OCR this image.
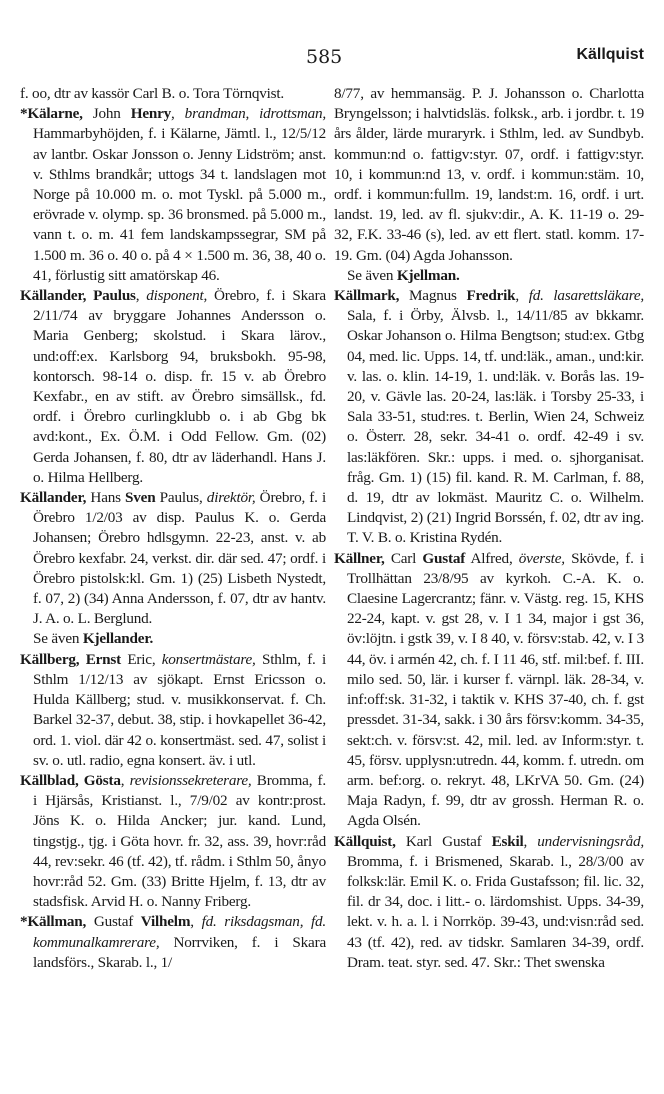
585	Källquist

f. oo, dtr av kassör Carl B. o. Tora Törnqvist.

*Kälarne, John Henry, brandman, idrottsman, Hammarbyhöjden, f. i Kälarne, Jämtl. l., 12/5/12 av lantbr. Oskar Jonsson o. Jenny Lidström; anst. v. Sthlms brandkår; uttogs 34 t. landslagen mot Norge på 10.000 m. o. mot Tyskl. på 5.000 m., erövrade v. olymp. sp. 36 bronsmed. på 5.000 m., vann t. o. m. 41 fem landskampssegrar, SM på 1.500 m. 36 o. 40 o. på 4 × 1.500 m. 36, 38, 40 o. 41, förlustig sitt amatörskap 46.

Källander, Paulus, disponent, Örebro, f. i Skara 2/11/74 av bryggare Johannes Andersson o. Maria Genberg; skolstud. i Skara lärov., und:off:ex. Karlsborg 94, bruksbokh. 95-98, kontorsch. 98-14 o. disp. fr. 15 v. ab Örebro Kexfabr., en av stift. av Örebro simsällsk., fd. ordf. i Örebro curlingklubb o. i ab Gbg bk avd:kont., Ex. Ö.M. i Odd Fellow. Gm. (02) Gerda Johansen, f. 80, dtr av läderhandl. Hans J. o. Hilma Hellberg.

Källander, Hans Sven Paulus, direktör, Örebro, f. i Örebro 1/2/03 av disp. Paulus K. o. Gerda Johansen; Örebro hdlsgymn. 22-23, anst. v. ab Örebro kexfabr. 24, verkst. dir. där sed. 47; ordf. i Örebro pistolsk:kl. Gm. 1) (25) Lisbeth Nystedt, f. 07, 2) (34) Anna Andersson, f. 07, dtr av hantv. J. A. o. L. Berglund.

Se även Kjellander.

Källberg, Ernst Eric, konsertmästare, Sthlm, f. i Sthlm 1/12/13 av sjökapt. Ernst Ericsson o. Hulda Källberg; stud. v. musikkonservat. f. Ch. Barkel 32-37, debut. 38, stip. i hovkapellet 36-42, ord. 1. viol. där 42 o. konsertmäst. sed. 47, solist i sv. o. utl. radio, egna konsert. äv. i utl.

Källblad, Gösta, revisionssekreterare, Bromma, f. i Hjärsås, Kristianst. l., 7/9/02 av kontr:prost. Jöns K. o. Hilda Ancker; jur. kand. Lund, tingstjg., tjg. i Göta hovr. fr. 32, ass. 39, hovr:råd 44, rev:sekr. 46 (tf. 42), tf. rådm. i Sthlm 50, ånyo hovr:råd 52. Gm. (33) Britte Hjelm, f. 13, dtr av stadsfisk. Arvid H. o. Nanny Friberg.

*Källman, Gustaf Vilhelm, fd. riksdagsman, fd. kommunalkamrerare, Norrviken, f. i Skara landsförs., Skarab. l., 1/

8/77, av hemmansäg. P. J. Johansson o. Charlotta Bryngelsson; i halvtidsläs. folksk., arb. i jordbr. t. 19 års ålder, lärde muraryrk. i Sthlm, led. av Sundbyb. kommun:nd o. fattigv:styr. 07, ordf. i fattigv:styr. 10, i kommun:nd 13, v. ordf. i kommun:stäm. 10, ordf. i kommun:fullm. 19, landst:m. 16, ordf. i urt. landst. 19, led. av fl. sjukv:dir., A. K. 11-19 o. 29-32, F.K. 33-46 (s), led. av ett flert. statl. komm. 17-19. Gm. (04) Agda Johansson.

Se även Kjellman.

Källmark, Magnus Fredrik, fd. lasarettsläkare, Sala, f. i Örby, Älvsb. l., 14/11/85 av bkkamr. Oskar Johanson o. Hilma Bengtson; stud:ex. Gtbg 04, med. lic. Upps. 14, tf. und:läk., aman., und:kir. v. las. o. klin. 14-19, 1. und:läk. v. Borås las. 19-20, v. Gävle las. 20-24, las:läk. i Torsby 25-33, i Sala 33-51, stud:res. t. Berlin, Wien 24, Schweiz o. Österr. 28, sekr. 34-41 o. ordf. 42-49 i sv. las:läkfören. Skr.: upps. i med. o. sjhorganisat. fråg. Gm. 1) (15) fil. kand. R. M. Carlman, f. 88, d. 19, dtr av lokmäst. Mauritz C. o. Wilhelm. Lindqvist, 2) (21) Ingrid Borssén, f. 02, dtr av ing. T. V. B. o. Kristina Rydén.

Källner, Carl Gustaf Alfred, överste, Skövde, f. i Trollhättan 23/8/95 av kyrkoh. C.-A. K. o. Claesine Lagercrantz; fänr. v. Västg. reg. 15, KHS 22-24, kapt. v. gst 28, v. I 1 34, major i gst 36, öv:löjtn. i gstk 39, v. I 8 40, v. försv:stab. 42, v. I 3 44, öv. i armén 42, ch. f. I 11 46, stf. mil:bef. f. III. milo sed. 50, lär. i kurser f. värnpl. läk. 28-34, v. inf:off:sk. 31-32, i taktik v. KHS 37-40, ch. f. gst pressdet. 31-34, sakk. i 30 års försv:komm. 34-35, sekt:ch. v. försv:st. 42, mil. led. av Inform:styr. t. 45, försv. upplysn:utredn. 44, komm. f. utredn. om arm. bef:org. o. rekryt. 48, LKrVA 50. Gm. (24) Maja Radyn, f. 99, dtr av grossh. Herman R. o. Agda Olsén.

Källquist, Karl Gustaf Eskil, undervisningsråd, Bromma, f. i Brismened, Skarab. l., 28/3/00 av folksk:lär. Emil K. o. Frida Gustafsson; fil. lic. 32, fil. dr 34, doc. i litt.- o. lärdomshist. Upps. 34-39, lekt. v. h. a. l. i Norrköp. 39-43, und:visn:råd sed. 43 (tf. 42), red. av tidskr. Samlaren 34-39, ordf. Dram. teat. styr. sed. 47. Skr.: Thet swenska
